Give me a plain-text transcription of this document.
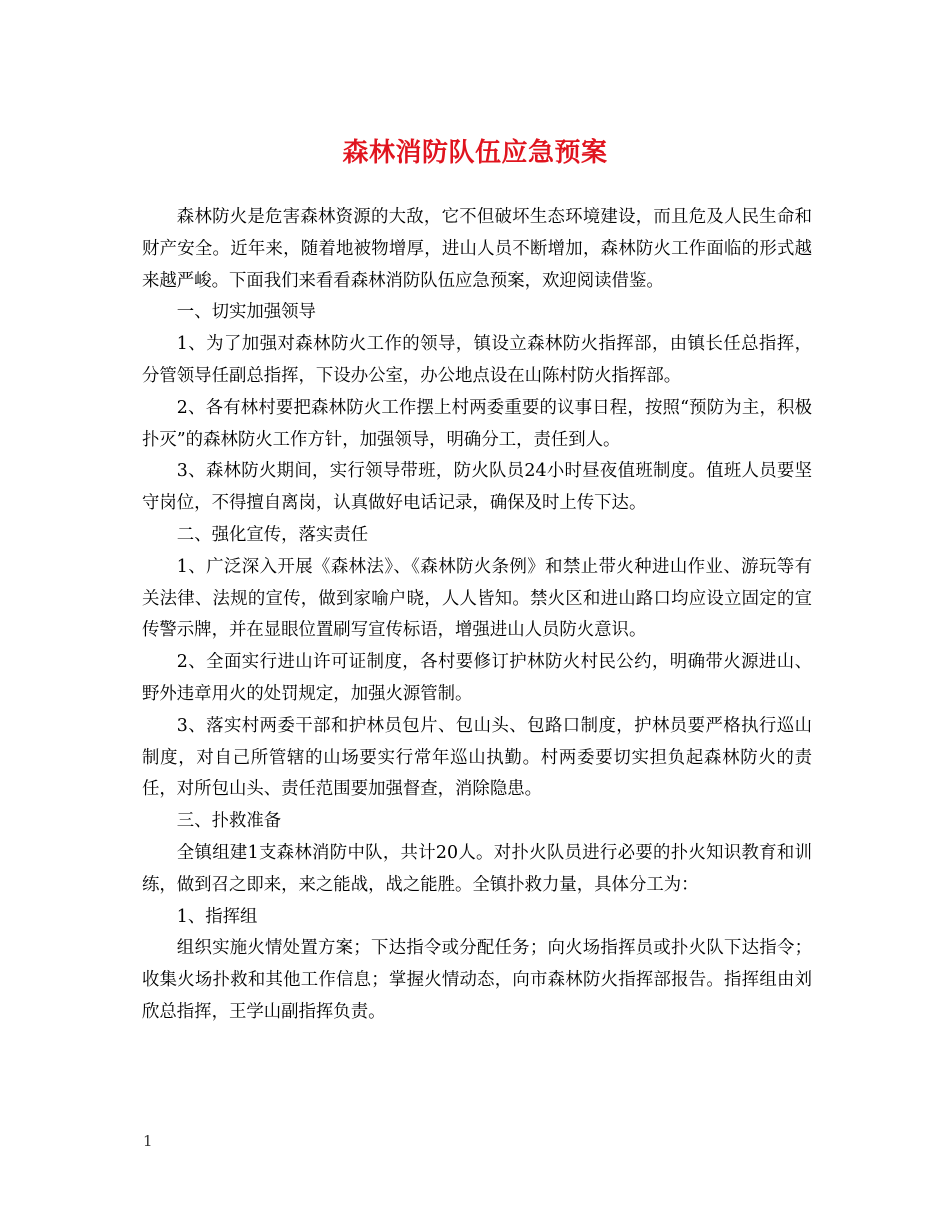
森林消防队伍应急预案

森林防火是危害森林资源的大敌，它不但破坏生态环境建设，而且危及人民生命和财产安全。近年来，随着地被物增厚，进山人员不断增加，森林防火工作面临的形式越来越严峻。下面我们来看看森林消防队伍应急预案，欢迎阅读借鉴。

一、切实加强领导

1、为了加强对森林防火工作的领导，镇设立森林防火指挥部，由镇长任总指挥，分管领导任副总指挥，下设办公室，办公地点设在山陈村防火指挥部。

2、各有林村要把森林防火工作摆上村两委重要的议事日程，按照“预防为主，积极扑灭”的森林防火工作方针，加强领导，明确分工，责任到人。

3、森林防火期间，实行领导带班，防火队员24小时昼夜值班制度。值班人员要坚守岗位，不得擅自离岗，认真做好电话记录，确保及时上传下达。

二、强化宣传，落实责任

1、广泛深入开展《森林法》、《森林防火条例》和禁止带火种进山作业、游玩等有关法律、法规的宣传，做到家喻户晓，人人皆知。禁火区和进山路口均应设立固定的宣传警示牌，并在显眼位置刷写宣传标语，增强进山人员防火意识。

2、全面实行进山许可证制度，各村要修订护林防火村民公约，明确带火源进山、野外违章用火的处罚规定，加强火源管制。

3、落实村两委干部和护林员包片、包山头、包路口制度，护林员要严格执行巡山制度，对自己所管辖的山场要实行常年巡山执勤。村两委要切实担负起森林防火的责任，对所包山头、责任范围要加强督查，消除隐患。

三、扑救准备

全镇组建1支森林消防中队，共计20人。对扑火队员进行必要的扑火知识教育和训练，做到召之即来，来之能战，战之能胜。全镇扑救力量，具体分工为：

1、指挥组

组织实施火情处置方案；下达指令或分配任务；向火场指挥员或扑火队下达指令；收集火场扑救和其他工作信息；掌握火情动态，向市森林防火指挥部报告。指挥组由刘欣总指挥，王学山副指挥负责。

1
